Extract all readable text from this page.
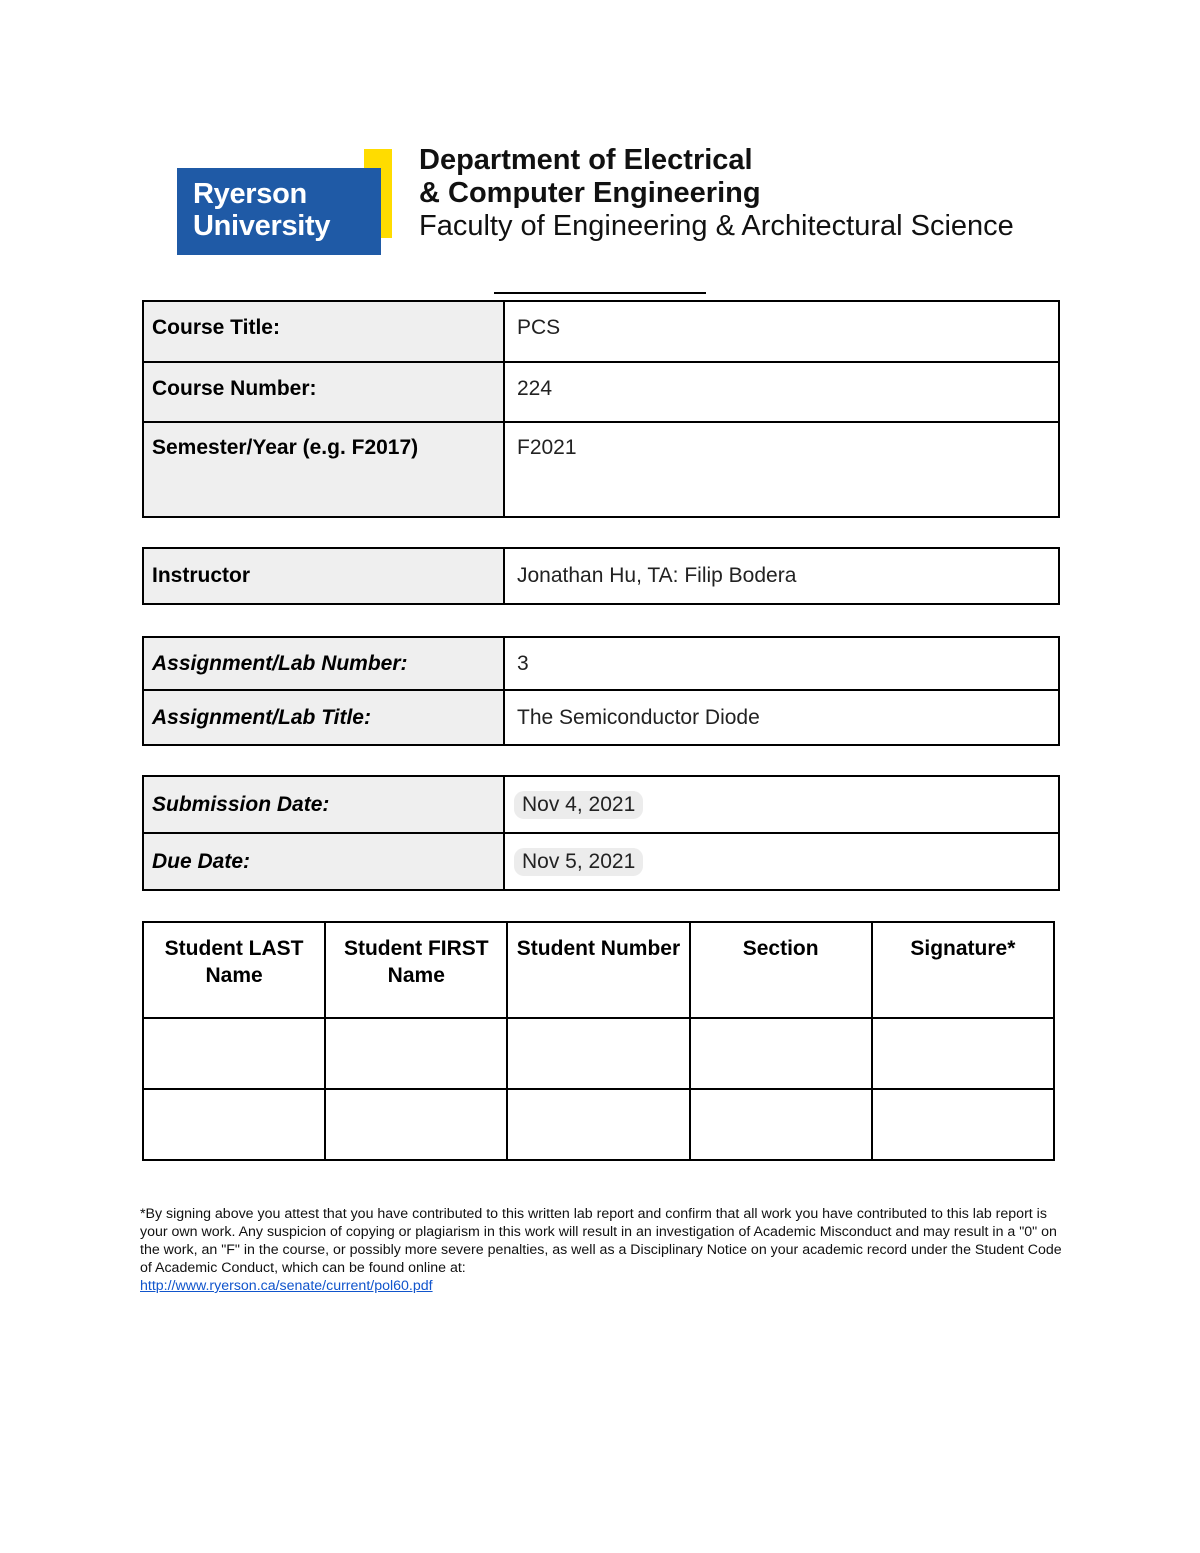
Ryerson
University
Department of Electrical
& Computer Engineering
Faculty of Engineering & Architectural Science
Course Title:	PCS
Course Number:	224
Semester/Year (e.g. F2017)	F2021
Instructor	Jonathan Hu, TA: Filip Bodera
Assignment/Lab Number:	3
Assignment/Lab Title:	The Semiconductor Diode
Submission Date:	Nov 4, 2021
Due Date:	Nov 5, 2021
Student LAST Name	Student FIRST Name	Student Number	Section	Signature*

*By signing above you attest that you have contributed to this written lab report and confirm that all work you have contributed to this lab report is your own work. Any suspicion of copying or plagiarism in this work will result in an investigation of Academic Misconduct and may result in a "0" on the work, an "F" in the course, or possibly more severe penalties, as well as a Disciplinary Notice on your academic record under the Student Code of Academic Conduct, which can be found online at:
http://www.ryerson.ca/senate/current/pol60.pdf
